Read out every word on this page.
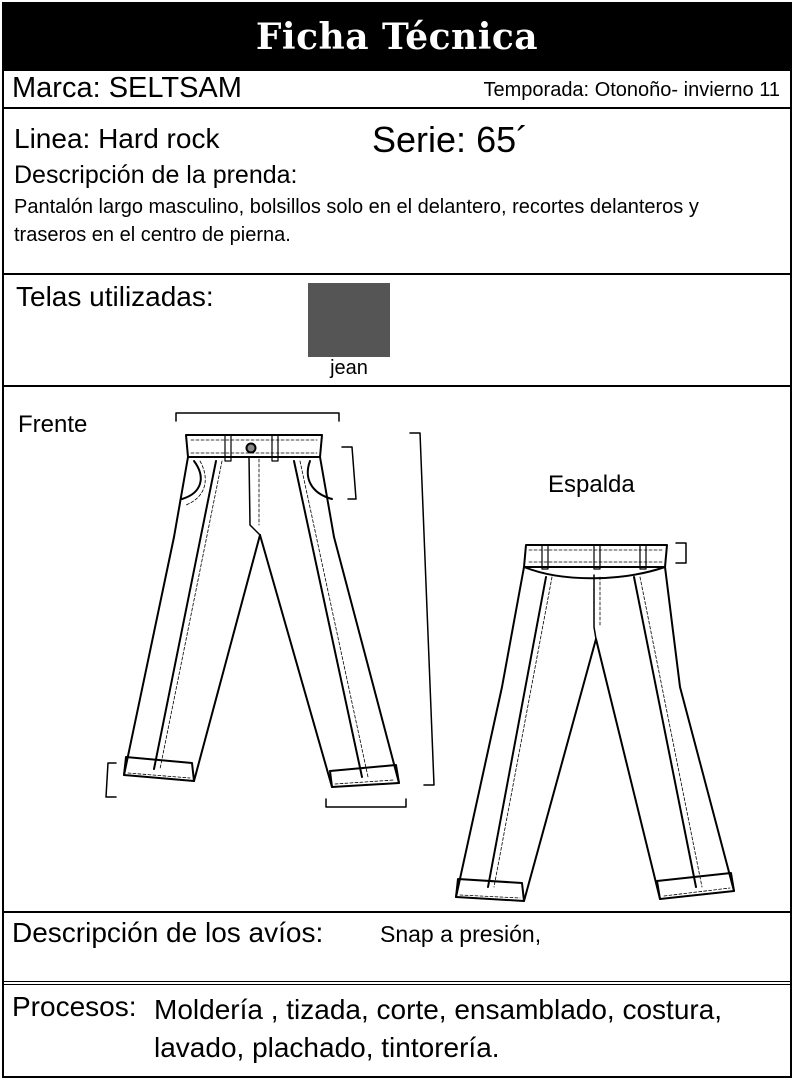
Ficha Técnica
Marca: SELTSAM	Temporada: Otonoño- invierno 11
Linea: Hard rock	Serie: 65´
Descripción de la prenda:
Pantalón largo masculino, bolsillos solo en el delantero, recortes delanteros y traseros en el centro de pierna.
Telas utilizadas:
jean
Frente
Espalda
Descripción de los avíos: Snap a presión,
Procesos: Moldería , tizada, corte, ensamblado, costura, lavado, plachado, tintorería.
